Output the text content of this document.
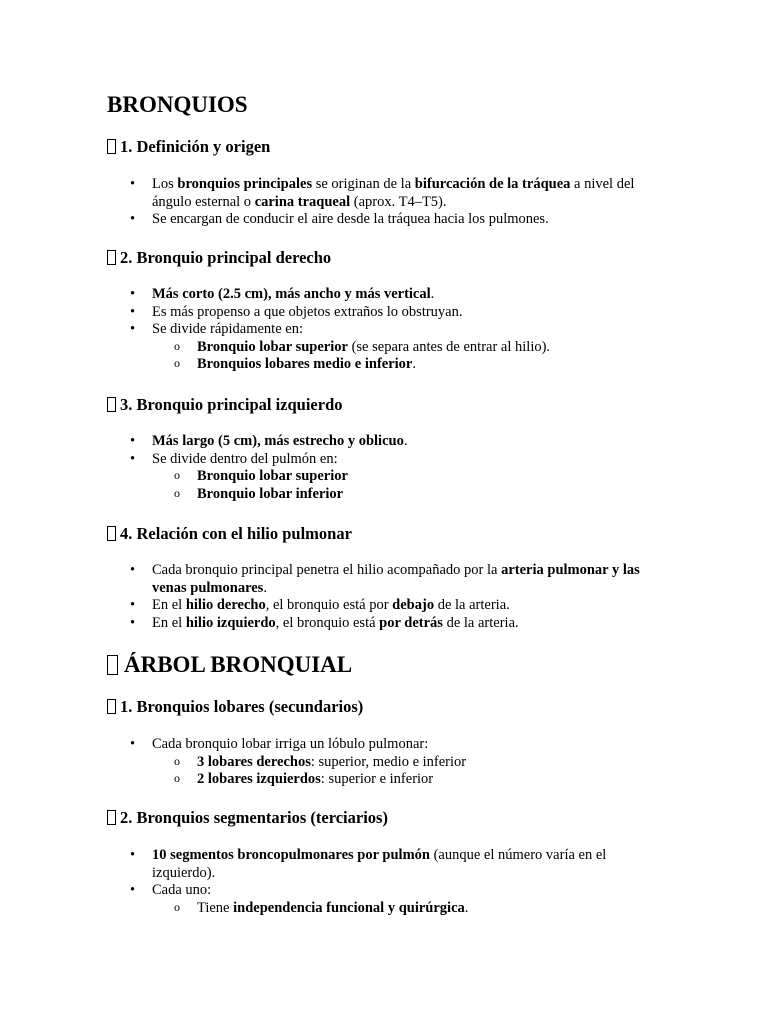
BRONQUIOS
1. Definición y origen
• Los bronquios principales se originan de la bifurcación de la tráquea a nivel del ángulo esternal o carina traqueal (aprox. T4–T5).
• Se encargan de conducir el aire desde la tráquea hacia los pulmones.
2. Bronquio principal derecho
• Más corto (2.5 cm), más ancho y más vertical.
• Es más propenso a que objetos extraños lo obstruyan.
• Se divide rápidamente en:
o Bronquio lobar superior (se separa antes de entrar al hilio).
o Bronquios lobares medio e inferior.
3. Bronquio principal izquierdo
• Más largo (5 cm), más estrecho y oblicuo.
• Se divide dentro del pulmón en:
o Bronquio lobar superior
o Bronquio lobar inferior
4. Relación con el hilio pulmonar
• Cada bronquio principal penetra el hilio acompañado por la arteria pulmonar y las venas pulmonares.
• En el hilio derecho, el bronquio está por debajo de la arteria.
• En el hilio izquierdo, el bronquio está por detrás de la arteria.
ÁRBOL BRONQUIAL
1. Bronquios lobares (secundarios)
• Cada bronquio lobar irriga un lóbulo pulmonar:
o 3 lobares derechos: superior, medio e inferior
o 2 lobares izquierdos: superior e inferior
2. Bronquios segmentarios (terciarios)
• 10 segmentos broncopulmonares por pulmón (aunque el número varía en el izquierdo).
• Cada uno:
o Tiene independencia funcional y quirúrgica.
